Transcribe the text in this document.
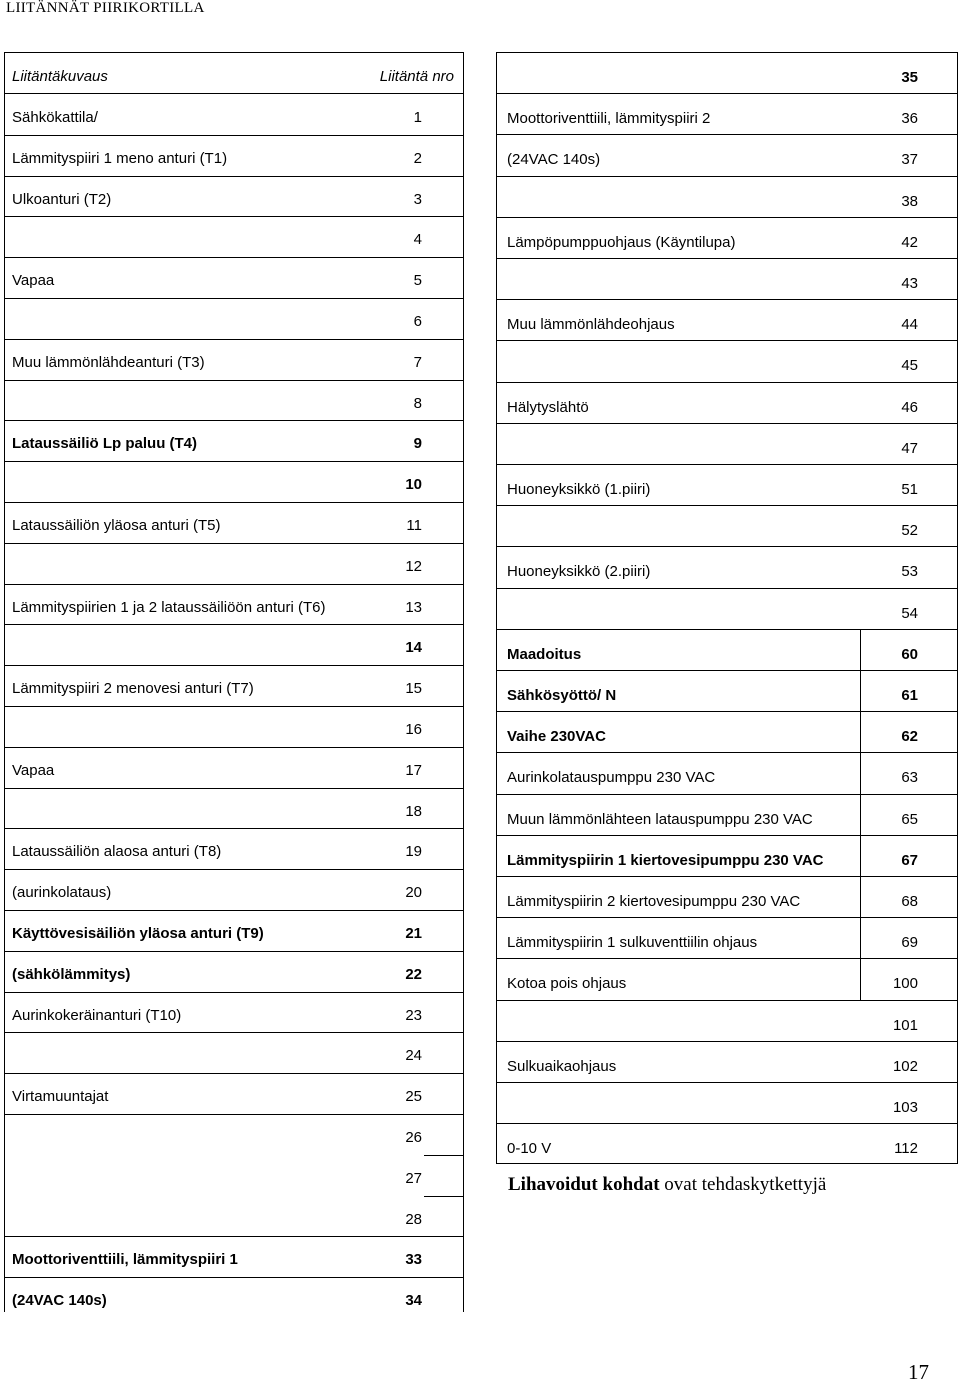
LIITÄNNÄT PIIRIKORTILLA
Liitäntäkuvaus	Liitäntä nro
Sähkökattila/	1
Lämmityspiiri 1 meno anturi (T1)	2
Ulkoanturi (T2)	3
4
Vapaa	5
6
Muu lämmönlähdeanturi (T3)	7
8
Lataussäiliö Lp paluu (T4)	9
10
Lataussäiliön yläosa anturi (T5)	11
12
Lämmityspiirien 1 ja 2 lataussäiliöön anturi (T6)	13
14
Lämmityspiiri 2 menovesi anturi (T7)	15
16
Vapaa	17
18
Lataussäiliön alaosa anturi (T8)	19
(aurinkolataus)	20
Käyttövesisäiliön yläosa anturi (T9)	21
(sähkölämmitys)	22
Aurinkokeräinanturi (T10)	23
24
Virtamuuntajat	25
26
27
28
Moottoriventtiili, lämmityspiiri 1	33
(24VAC 140s)	34
35
Moottoriventtiili, lämmityspiiri 2	36
(24VAC 140s)	37
38
Lämpöpumppuohjaus (Käyntilupa)	42
43
Muu lämmönlähdeohjaus	44
45
Hälytyslähtö	46
47
Huoneyksikkö (1.piiri)	51
52
Huoneyksikkö (2.piiri)	53
54
Maadoitus	60
Sähkösyöttö/ N	61
Vaihe 230VAC	62
Aurinkolatauspumppu 230 VAC	63
Muun lämmönlähteen latauspumppu 230 VAC	65
Lämmityspiirin 1 kiertovesipumppu 230 VAC	67
Lämmityspiirin 2 kiertovesipumppu 230 VAC	68
Lämmityspiirin 1 sulkuventtiilin ohjaus	69
Kotoa pois ohjaus	100
101
Sulkuaikaohjaus	102
103
0-10 V	112
Lihavoidut kohdat ovat tehdaskytkettyjä
17
